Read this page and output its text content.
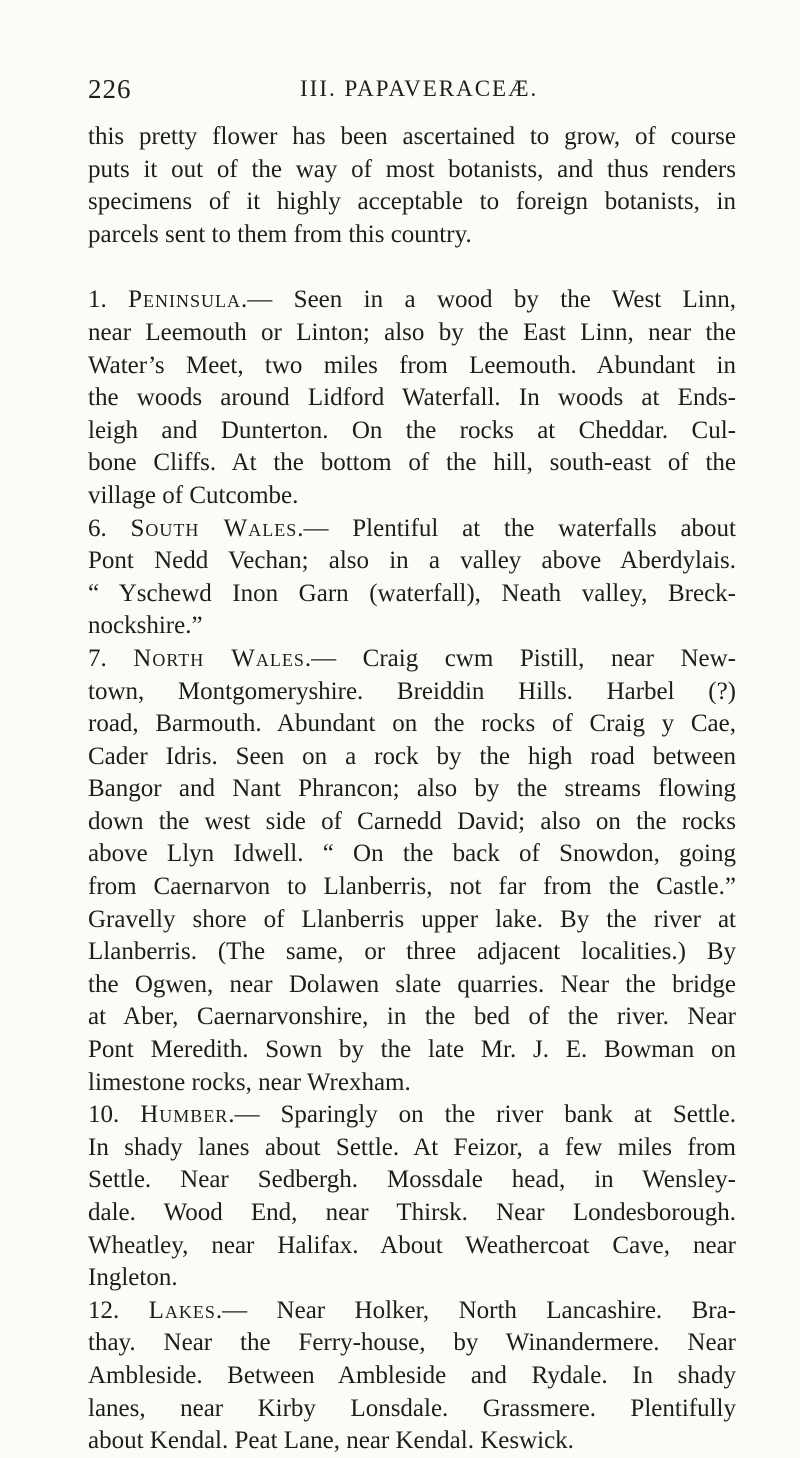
226	III. PAPAVERACEÆ.

this pretty flower has been ascertained to grow, of course

puts it out of the way of most botanists, and thus renders

specimens of it highly acceptable to foreign botanists, in

parcels sent to them from this country.

1. Peninsula.— Seen in a wood by the West Linn,

near Leemouth or Linton; also by the East Linn, near the

Water’s Meet, two miles from Leemouth. Abundant in

the woods around Lidford Waterfall. In woods at Ends-

leigh and Dunterton. On the rocks at Cheddar. Cul-

bone Cliffs. At the bottom of the hill, south-east of the

village of Cutcombe.

6. South Wales.— Plentiful at the waterfalls about

Pont Nedd Vechan; also in a valley above Aberdylais.

“ Yschewd Inon Garn (waterfall), Neath valley, Breck-

nockshire.”

7. North Wales.— Craig cwm Pistill, near New-

town, Montgomeryshire. Breiddin Hills. Harbel (?)

road, Barmouth. Abundant on the rocks of Craig y Cae,

Cader Idris. Seen on a rock by the high road between

Bangor and Nant Phrancon; also by the streams flowing

down the west side of Carnedd David; also on the rocks

above Llyn Idwell. “ On the back of Snowdon, going

from Caernarvon to Llanberris, not far from the Castle.”

Gravelly shore of Llanberris upper lake. By the river at

Llanberris. (The same, or three adjacent localities.) By

the Ogwen, near Dolawen slate quarries. Near the bridge

at Aber, Caernarvonshire, in the bed of the river. Near

Pont Meredith. Sown by the late Mr. J. E. Bowman on

limestone rocks, near Wrexham.

10. Humber.— Sparingly on the river bank at Settle.

In shady lanes about Settle. At Feizor, a few miles from

Settle. Near Sedbergh. Mossdale head, in Wensley-

dale. Wood End, near Thirsk. Near Londesborough.

Wheatley, near Halifax. About Weathercoat Cave, near

Ingleton.

12. Lakes.— Near Holker, North Lancashire. Bra-

thay. Near the Ferry-house, by Winandermere. Near

Ambleside. Between Ambleside and Rydale. In shady

lanes, near Kirby Lonsdale. Grassmere. Plentifully

about Kendal. Peat Lane, near Kendal. Keswick.
